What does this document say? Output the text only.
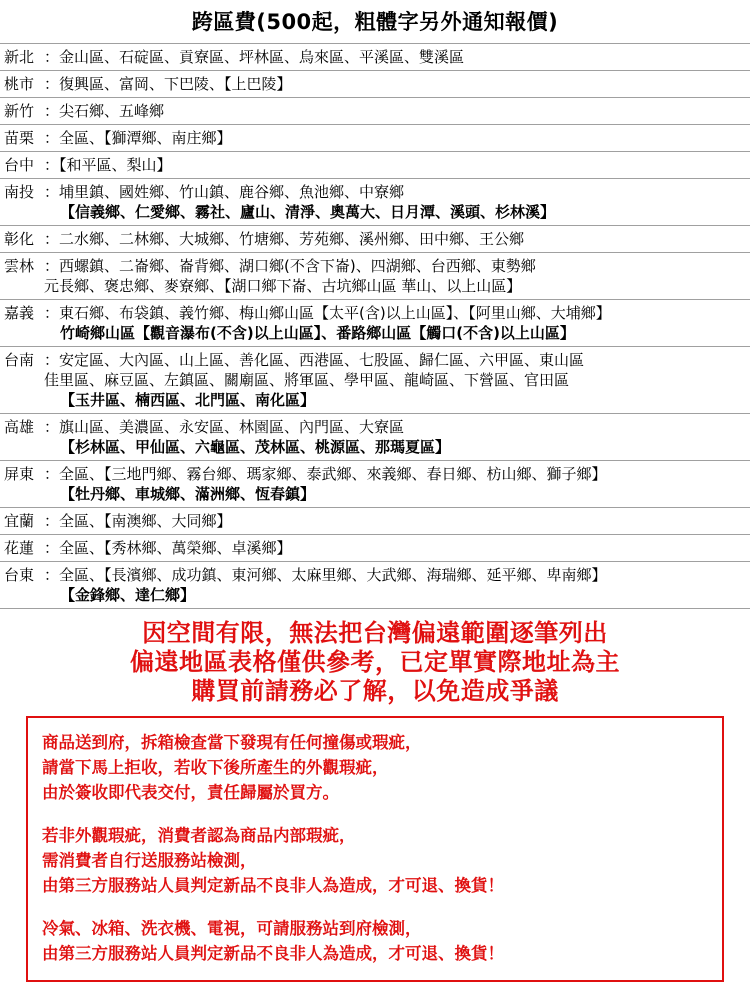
跨區費(500起，粗體字另外通知報價)
新北 ：金山區、石碇區、貢寮區、坪林區、烏來區、平溪區、雙溪區
桃市 ：復興區、富岡、下巴陵、【上巴陵】
新竹 ：尖石鄉、五峰鄉
苗栗 ：全區、【獅潭鄉、南庄鄉】
台中 ：【和平區、梨山】
南投 ：埔里鎮、國姓鄉、竹山鎮、鹿谷鄉、魚池鄉、中寮鄉
【信義鄉、仁愛鄉、霧社、廬山、清淨、奧萬大、日月潭、溪頭、杉林溪】
彰化 ：二水鄉、二林鄉、大城鄉、竹塘鄉、芳苑鄉、溪州鄉、田中鄉、王公鄉
雲林 ：西螺鎮、二崙鄉、崙背鄉、湖口鄉(不含下崙)、四湖鄉、台西鄉、東勢鄉
元長鄉、褒忠鄉、麥寮鄉、【湖口鄉下崙、古坑鄉山區 華山、以上山區】
嘉義 ：東石鄉、布袋鎮、義竹鄉、梅山鄉山區【太平(含)以上山區】、【阿里山鄉、大埔鄉】
竹崎鄉山區【觀音瀑布(不含)以上山區】、番路鄉山區【觸口(不含)以上山區】
台南 ：安定區、大內區、山上區、善化區、西港區、七股區、歸仁區、六甲區、東山區
佳里區、麻豆區、左鎮區、關廟區、將軍區、學甲區、龍崎區、下營區、官田區
【玉井區、楠西區、北門區、南化區】
高雄 ：旗山區、美濃區、永安區、林園區、內門區、大寮區
【杉林區、甲仙區、六龜區、茂林區、桃源區、那瑪夏區】
屏東 ：全區、【三地門鄉、霧台鄉、瑪家鄉、泰武鄉、來義鄉、春日鄉、枋山鄉、獅子鄉】
【牡丹鄉、車城鄉、滿洲鄉、恆春鎮】
宜蘭 ：全區、【南澳鄉、大同鄉】
花蓮 ：全區、【秀林鄉、萬榮鄉、卓溪鄉】
台東 ：全區、【長濱鄉、成功鎮、東河鄉、太麻里鄉、大武鄉、海瑞鄉、延平鄉、卑南鄉】
【金鋒鄉、達仁鄉】
因空間有限，無法把台灣偏遠範圍逐筆列出
偏遠地區表格僅供參考，已定單實際地址為主
購買前請務必了解，以免造成爭議
商品送到府，拆箱檢查當下發現有任何撞傷或瑕疵，
請當下馬上拒收，若收下後所產生的外觀瑕疵，
由於簽收即代表交付，責任歸屬於買方。
若非外觀瑕疵，消費者認為商品内部瑕疵，
需消費者自行送服務站檢測，
由第三方服務站人員判定新品不良非人為造成，才可退、換貨！
冷氣、冰箱、洗衣機、電視，可請服務站到府檢測，
由第三方服務站人員判定新品不良非人為造成，才可退、換貨！
